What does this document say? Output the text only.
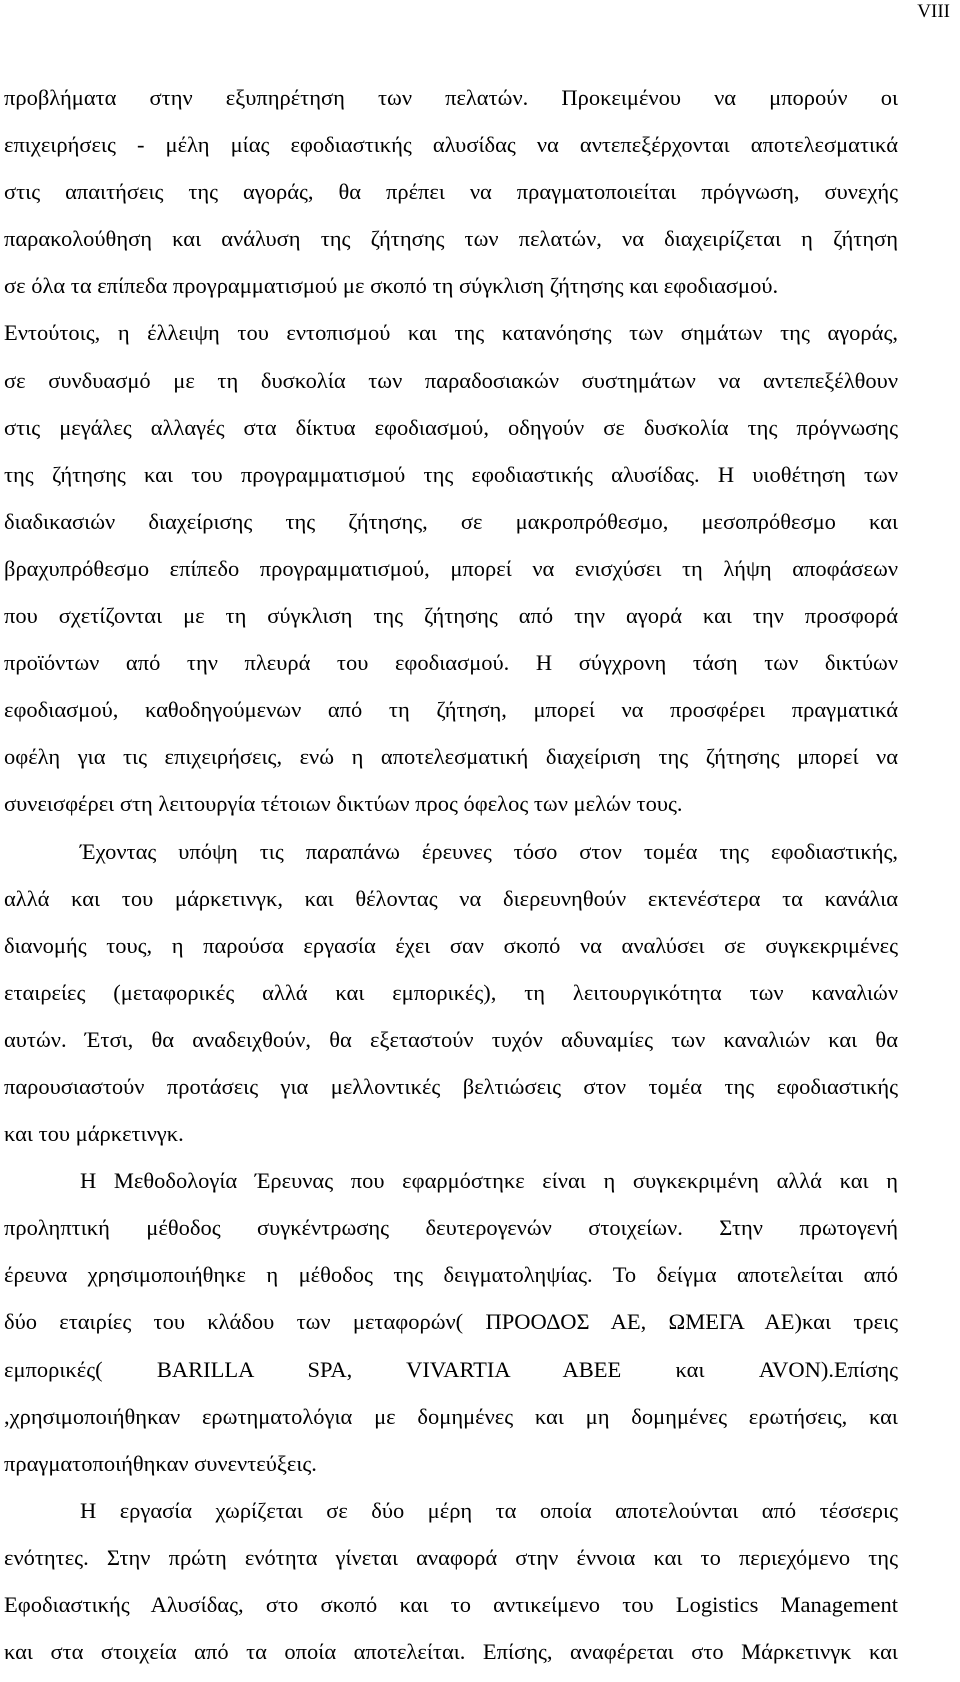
VIII
προβλήματα στην εξυπηρέτηση των πελατών. Προκειμένου να μπορούν οι
επιχειρήσεις - μέλη μίας εφοδιαστικής αλυσίδας να αντεπεξέρχονται αποτελεσματικά
στις απαιτήσεις της αγοράς, θα πρέπει να πραγματοποιείται πρόγνωση, συνεχής
παρακολούθηση και ανάλυση της ζήτησης των πελατών, να διαχειρίζεται η ζήτηση
σε όλα τα επίπεδα προγραμματισμού με σκοπό τη σύγκλιση ζήτησης και εφοδιασμού.
Εντούτοις, η έλλειψη του εντοπισμού και της κατανόησης των σημάτων της αγοράς,
σε συνδυασμό με τη δυσκολία των παραδοσιακών συστημάτων να αντεπεξέλθουν
στις μεγάλες αλλαγές στα δίκτυα εφοδιασμού, οδηγούν σε δυσκολία της πρόγνωσης
της ζήτησης και του προγραμματισμού της εφοδιαστικής αλυσίδας. Η υιοθέτηση των
διαδικασιών διαχείρισης της ζήτησης, σε μακροπρόθεσμο, μεσοπρόθεσμο και
βραχυπρόθεσμο επίπεδο προγραμματισμού, μπορεί να ενισχύσει τη λήψη αποφάσεων
που σχετίζονται με τη σύγκλιση της ζήτησης από την αγορά και την προσφορά
προϊόντων από την πλευρά του εφοδιασμού. Η σύγχρονη τάση των δικτύων
εφοδιασμού, καθοδηγούμενων από τη ζήτηση, μπορεί να προσφέρει πραγματικά
οφέλη για τις επιχειρήσεις, ενώ η αποτελεσματική διαχείριση της ζήτησης μπορεί να
συνεισφέρει στη λειτουργία τέτοιων δικτύων προς όφελος των μελών τους.
Έχοντας υπόψη τις παραπάνω έρευνες τόσο στον τομέα της εφοδιαστικής,
αλλά και του μάρκετινγκ, και θέλοντας να διερευνηθούν εκτενέστερα τα κανάλια
διανομής τους, η παρούσα εργασία έχει σαν σκοπό να αναλύσει σε συγκεκριμένες
εταιρείες (μεταφορικές αλλά και εμπορικές), τη λειτουργικότητα των καναλιών
αυτών. Έτσι, θα αναδειχθούν, θα εξεταστούν τυχόν αδυναμίες των καναλιών και θα
παρουσιαστούν προτάσεις για μελλοντικές βελτιώσεις στον τομέα της εφοδιαστικής
και του μάρκετινγκ.
Η Μεθοδολογία Έρευνας που εφαρμόστηκε είναι η συγκεκριμένη αλλά και η
προληπτική μέθοδος συγκέντρωσης δευτερογενών στοιχείων. Στην πρωτογενή
έρευνα χρησιμοποιήθηκε η μέθοδος της δειγματοληψίας. Το δείγμα αποτελείται από
δύο εταιρίες του κλάδου των μεταφορών( ΠΡΟΟΔΟΣ ΑΕ, ΩΜΕΓΑ ΑΕ)και τρεις
εμπορικές( BARILLA SPA, VIVARTIA ABEE και AVON).Επίσης
,χρησιμοποιήθηκαν ερωτηματολόγια με δομημένες και μη δομημένες ερωτήσεις, και
πραγματοποιήθηκαν συνεντεύξεις.
Η εργασία χωρίζεται σε δύο μέρη τα οποία αποτελούνται από τέσσερις
ενότητες. Στην πρώτη ενότητα γίνεται αναφορά στην έννοια και το περιεχόμενο της
Εφοδιαστικής Αλυσίδας, στο σκοπό και το αντικείμενο του Logistics Management
και στα στοιχεία από τα οποία αποτελείται. Επίσης, αναφέρεται στο Μάρκετινγκ και
